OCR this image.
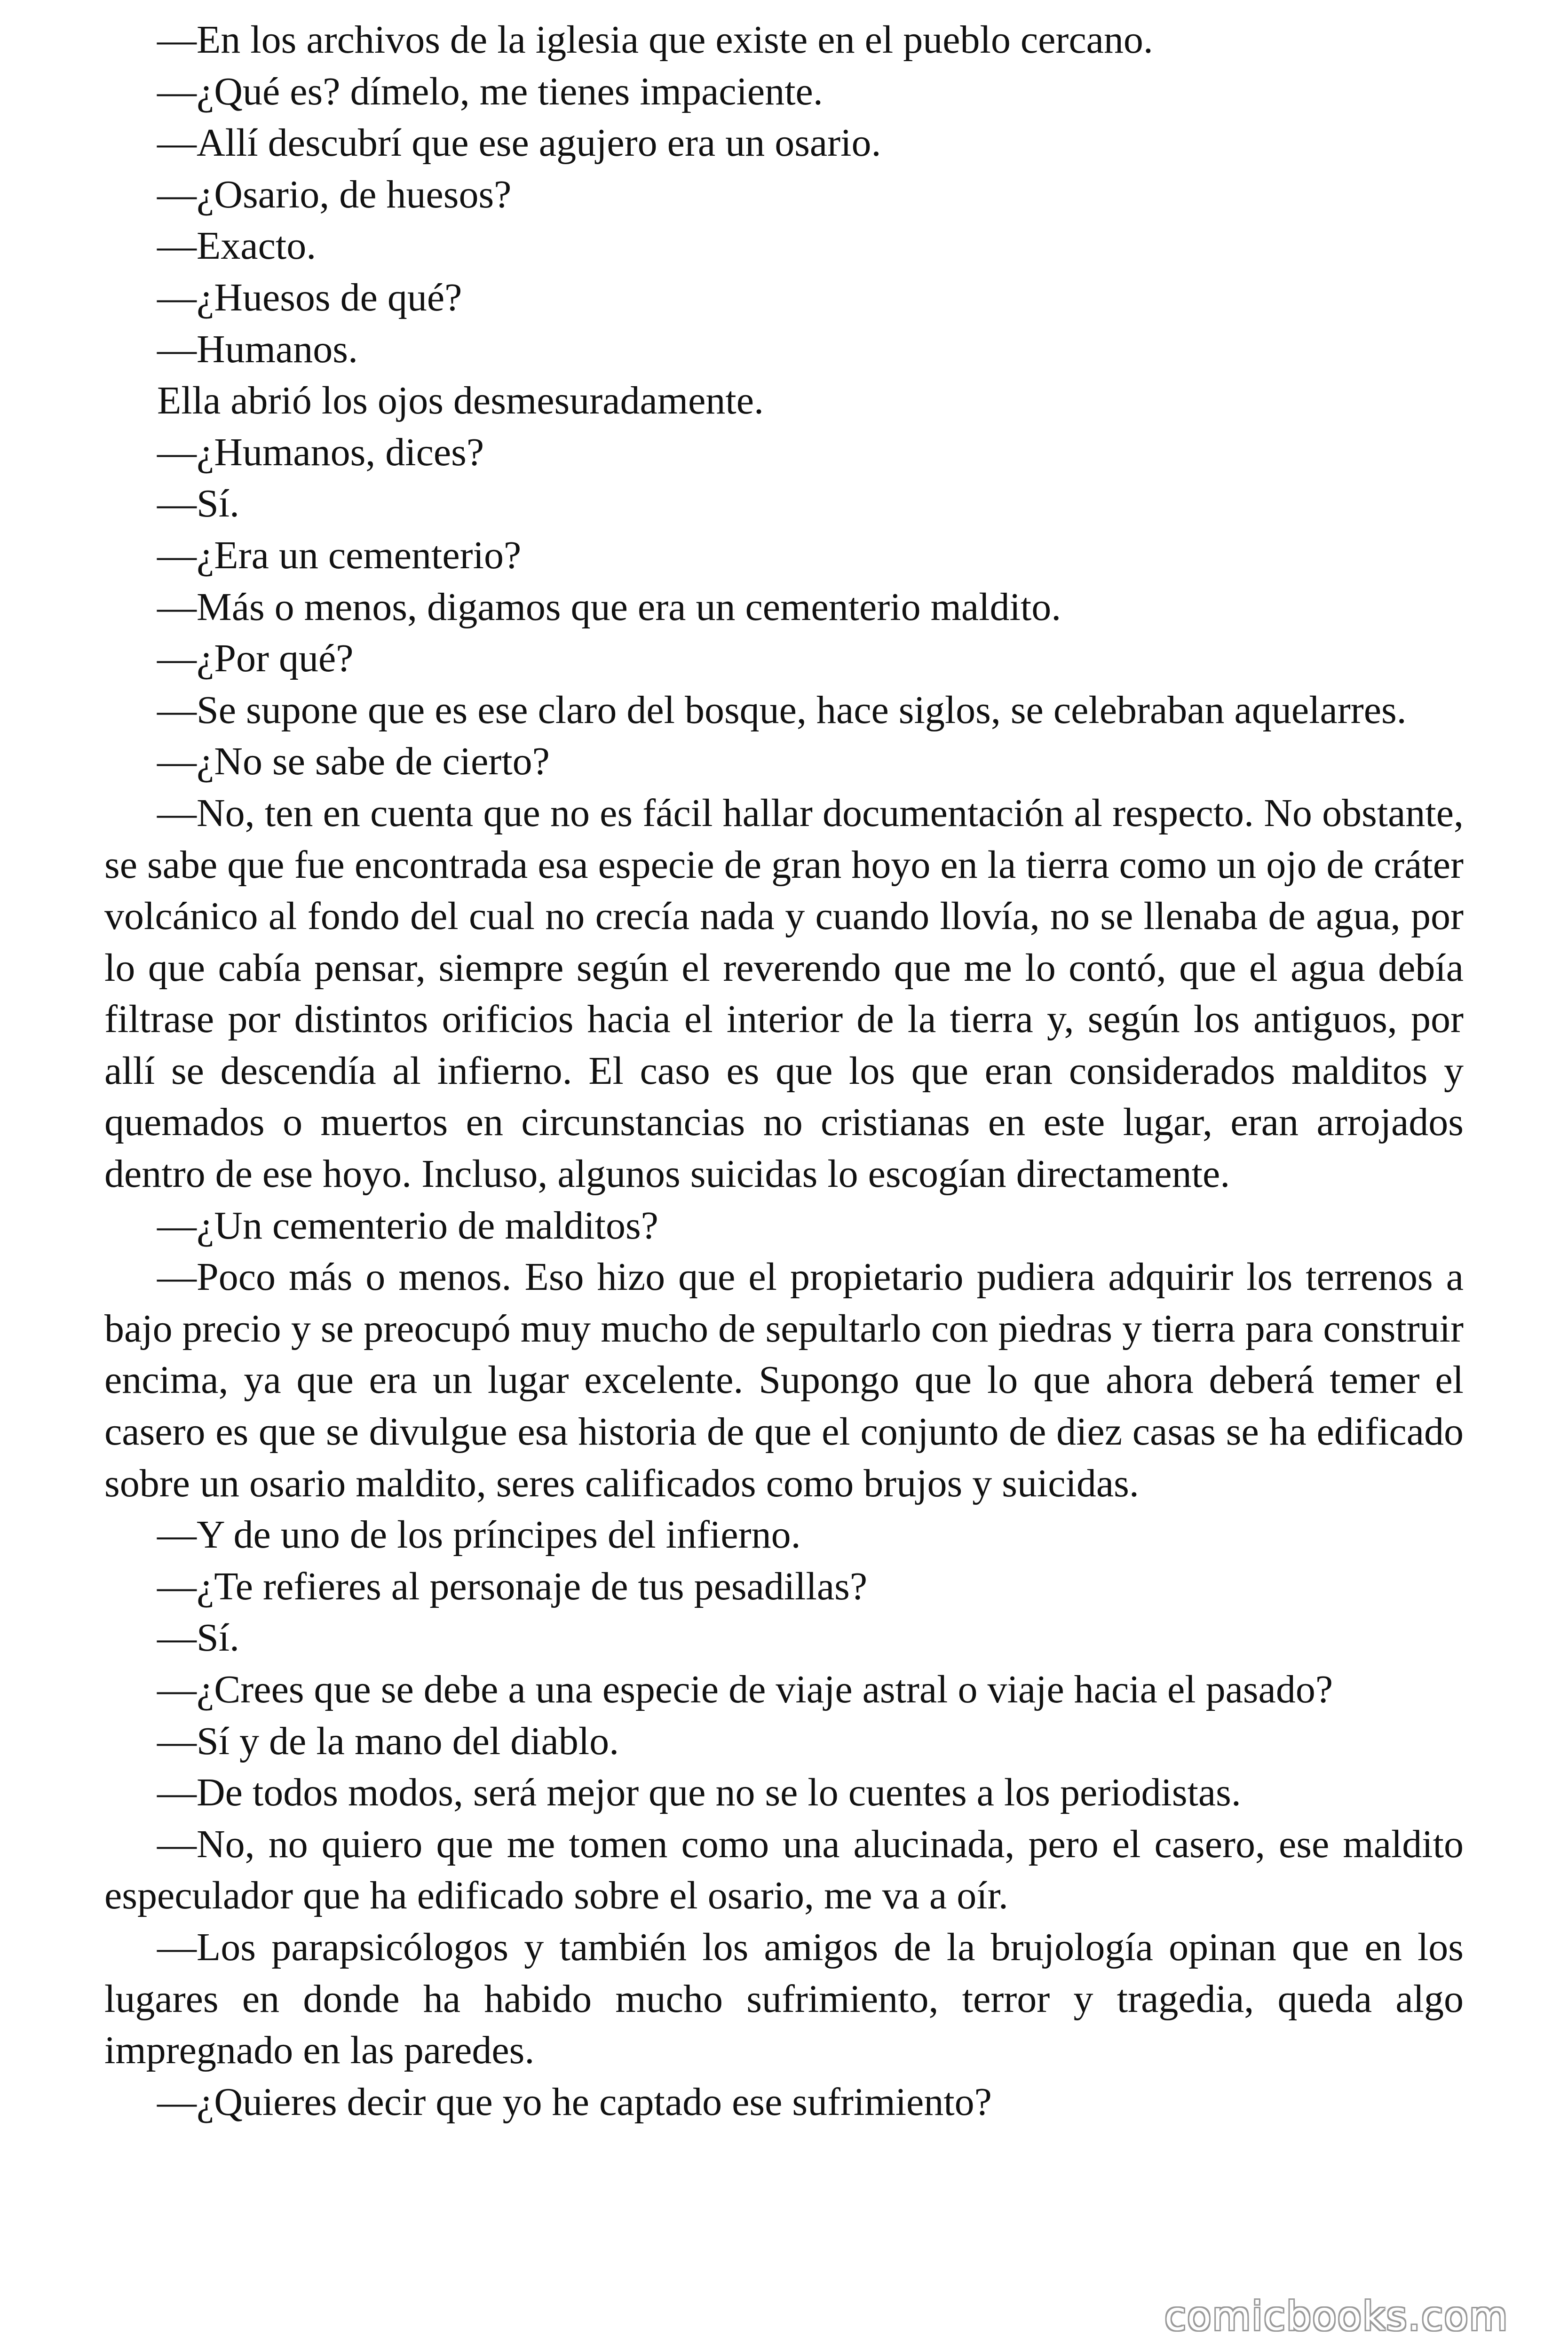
—En los archivos de la iglesia que existe en el pueblo cercano.

—¿Qué es? dímelo, me tienes impaciente.

—Allí descubrí que ese agujero era un osario.

—¿Osario, de huesos?

—Exacto.

—¿Huesos de qué?

—Humanos.

Ella abrió los ojos desmesuradamente.

—¿Humanos, dices?

—Sí.

—¿Era un cementerio?

—Más o menos, digamos que era un cementerio maldito.

—¿Por qué?

—Se supone que es ese claro del bosque, hace siglos, se celebraban aquelarres.

—¿No se sabe de cierto?

—No, ten en cuenta que no es fácil hallar documentación al respecto. No obstante, se sabe que fue encontrada esa especie de gran hoyo en la tierra como un ojo de cráter volcánico al fondo del cual no crecía nada y cuando llovía, no se llenaba de agua, por lo que cabía pensar, siempre según el reverendo que me lo contó, que el agua debía filtrase por distintos orificios hacia el interior de la tierra y, según los antiguos, por allí se descendía al infierno. El caso es que los que eran considerados malditos y quemados o muertos en circunstancias no cristianas en este lugar, eran arrojados dentro de ese hoyo. Incluso, algunos suicidas lo escogían directamente.

—¿Un cementerio de malditos?

—Poco más o menos. Eso hizo que el propietario pudiera adquirir los terrenos a bajo precio y se preocupó muy mucho de sepultarlo con piedras y tierra para construir encima, ya que era un lugar excelente. Supongo que lo que ahora deberá temer el casero es que se divulgue esa historia de que el conjunto de diez casas se ha edificado sobre un osario maldito, seres calificados como brujos y suicidas.

—Y de uno de los príncipes del infierno.

—¿Te refieres al personaje de tus pesadillas?

—Sí.

—¿Crees que se debe a una especie de viaje astral o viaje hacia el pasado?

—Sí y de la mano del diablo.

—De todos modos, será mejor que no se lo cuentes a los periodistas.

—No, no quiero que me tomen como una alucinada, pero el casero, ese maldito especulador que ha edificado sobre el osario, me va a oír.

—Los parapsicólogos y también los amigos de la brujología opinan que en los lugares en donde ha habido mucho sufrimiento, terror y tragedia, queda algo impregnado en las paredes.

—¿Quieres decir que yo he captado ese sufrimiento?

comicbooks.com
